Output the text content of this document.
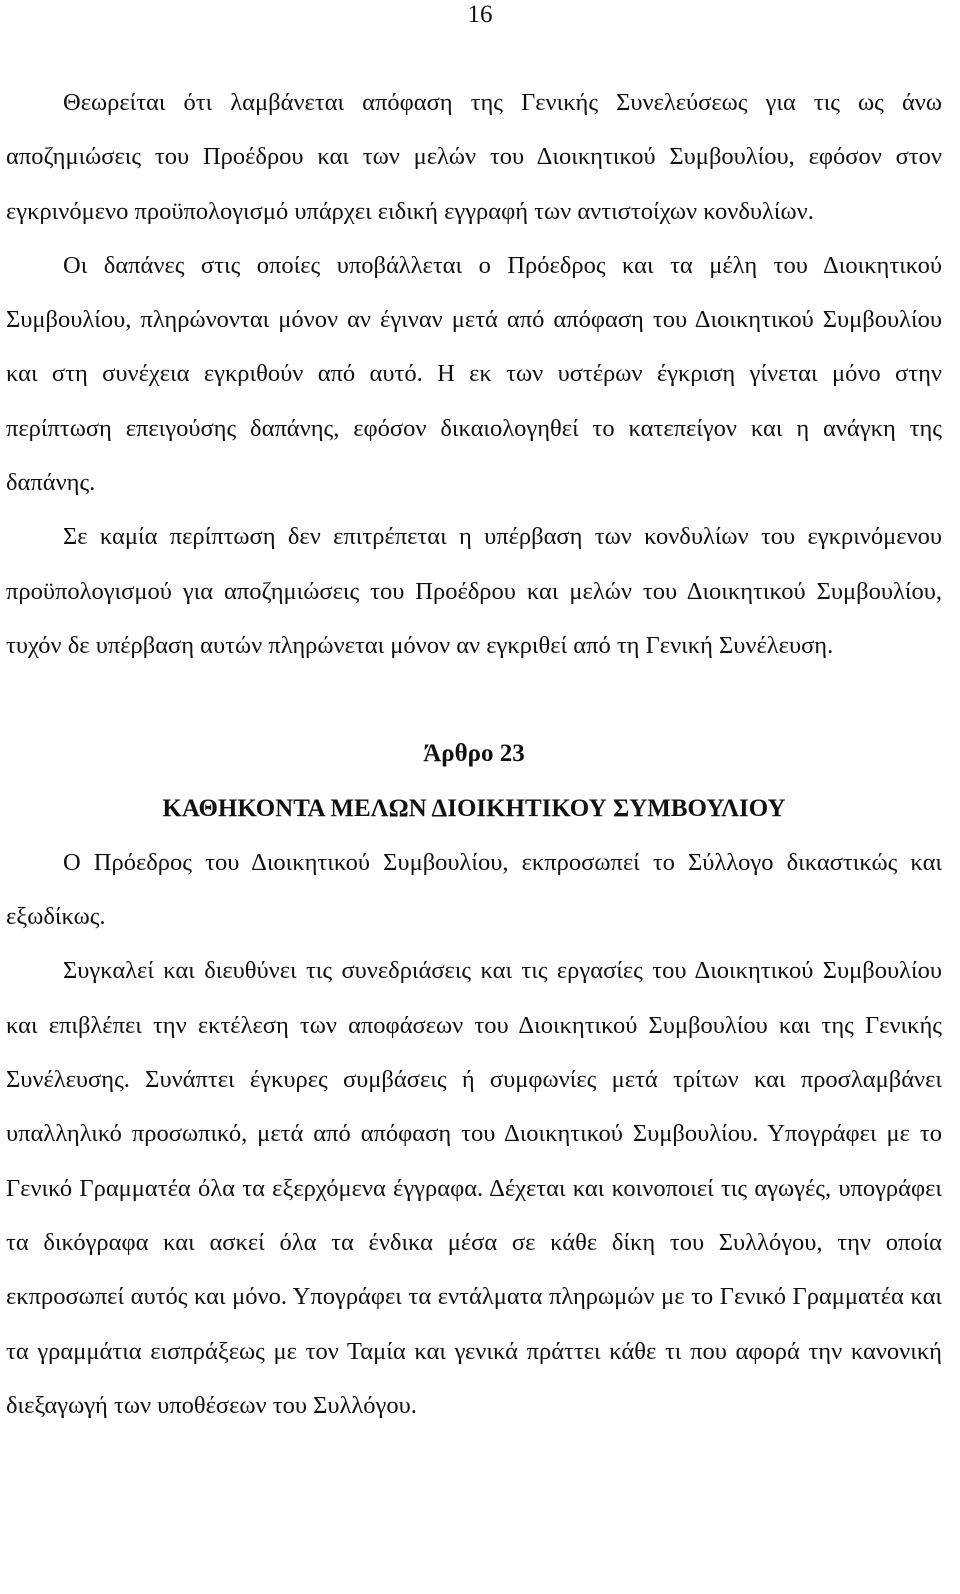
16

Θεωρείται ότι λαμβάνεται απόφαση της Γενικής Συνελεύσεως για τις ως άνω αποζημιώσεις του Προέδρου και των μελών του Διοικητικού Συμβουλίου, εφόσον στον εγκρινόμενο προϋπολογισμό υπάρχει ειδική εγγραφή των αντιστοίχων κονδυλίων.

Οι δαπάνες στις οποίες υποβάλλεται ο Πρόεδρος και τα μέλη του Διοικητικού Συμβουλίου, πληρώνονται μόνον αν έγιναν μετά από απόφαση του Διοικητικού Συμβουλίου και στη συνέχεια εγκριθούν από αυτό. Η εκ των υστέρων έγκριση γίνεται μόνο στην περίπτωση επειγούσης δαπάνης, εφόσον δικαιολογηθεί το κατεπείγον και η ανάγκη της δαπάνης.

Σε καμία περίπτωση δεν επιτρέπεται η υπέρβαση των κονδυλίων του εγκρινόμενου προϋπολογισμού για αποζημιώσεις του Προέδρου και μελών του Διοικητικού Συμβουλίου, τυχόν δε υπέρβαση αυτών πληρώνεται μόνον αν εγκριθεί από τη Γενική Συνέλευση.

Άρθρο 23

ΚΑΘΗΚΟΝΤΑ ΜΕΛΩΝ ΔΙΟΙΚΗΤΙΚΟΥ ΣΥΜΒΟΥΛΙΟΥ

Ο Πρόεδρος του Διοικητικού Συμβουλίου, εκπροσωπεί το Σύλλογο δικαστικώς και εξωδίκως.

Συγκαλεί και διευθύνει τις συνεδριάσεις και τις εργασίες του Διοικητικού Συμβουλίου και επιβλέπει την εκτέλεση των αποφάσεων του Διοικητικού Συμβουλίου και της Γενικής Συνέλευσης. Συνάπτει έγκυρες συμβάσεις ή συμφωνίες μετά τρίτων και προσλαμβάνει υπαλληλικό προσωπικό, μετά από απόφαση του Διοικητικού Συμβουλίου. Υπογράφει με το Γενικό Γραμματέα όλα τα εξερχόμενα έγγραφα. Δέχεται και κοινοποιεί τις αγωγές, υπογράφει τα δικόγραφα και ασκεί όλα τα ένδικα μέσα σε κάθε δίκη του Συλλόγου, την οποία εκπροσωπεί αυτός και μόνο. Υπογράφει τα εντάλματα πληρωμών με το Γενικό Γραμματέα και τα γραμμάτια εισπράξεως με τον Ταμία και γενικά πράττει κάθε τι που αφορά την κανονική διεξαγωγή των υποθέσεων του Συλλόγου.
